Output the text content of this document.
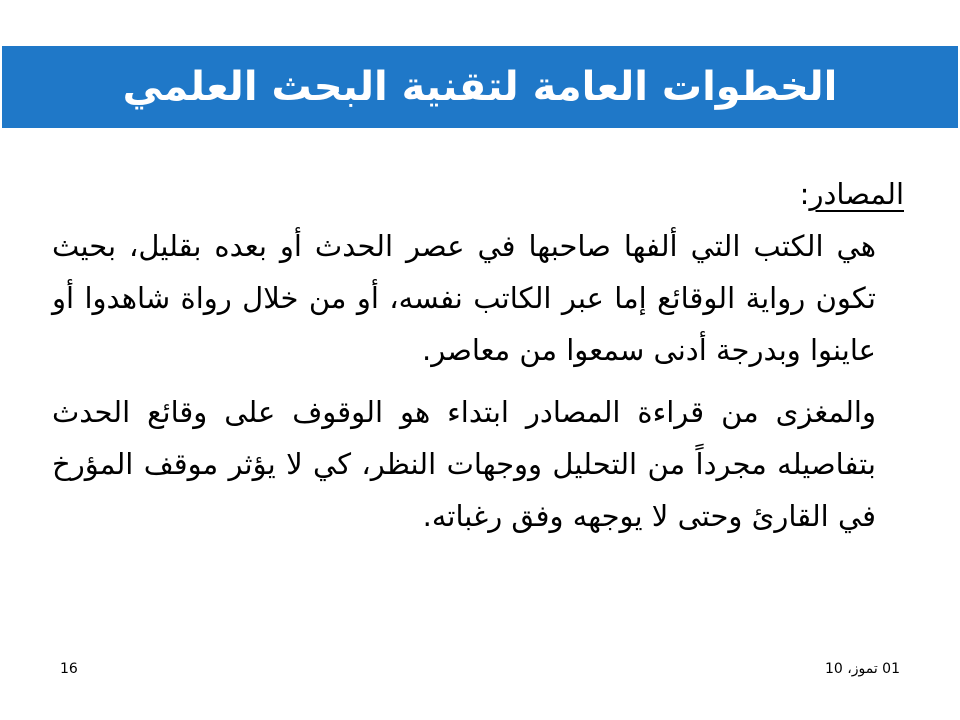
الخطوات العامة لتقنية البحث العلمي

المصادر:

هي الكتب التي ألفها صاحبها في عصر الحدث أو بعده بقليل، بحيث تكون رواية الوقائع إما عبر الكاتب نفسه، أو من خلال رواة شاهدوا أو عاينوا وبدرجة أدنى سمعوا من معاصر.

والمغزى من قراءة المصادر ابتداء هو الوقوف على وقائع الحدث بتفاصيله مجرداً من التحليل ووجهات النظر، كي لا يؤثر موقف المؤرخ في القارئ وحتى لا يوجهه وفق رغباته.

01 تموز، 10
16
